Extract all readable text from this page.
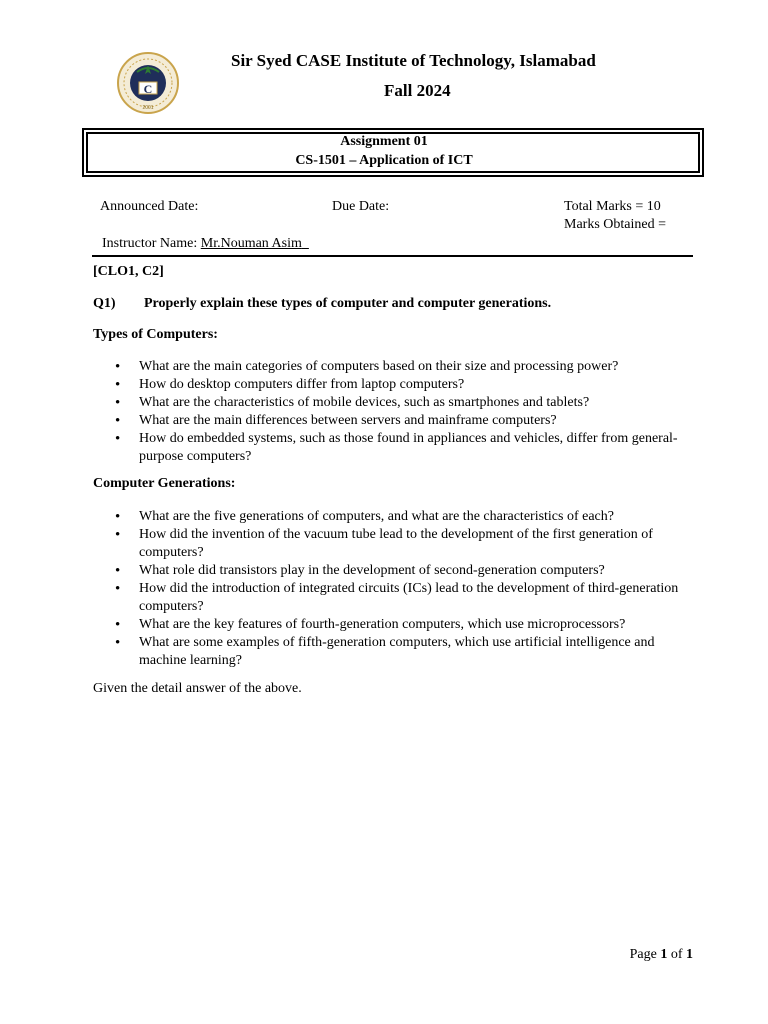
C
2001
Sir Syed CASE Institute of Technology, Islamabad
Fall 2024
Assignment 01
CS-1501 – Application of ICT
Announced Date:	Due Date:	Total Marks = 10
Marks Obtained =
Instructor Name: Mr.Nouman Asim
[CLO1, C2]
Q1) Properly explain these types of computer and computer generations.
Types of Computers:
• What are the main categories of computers based on their size and processing power?
• How do desktop computers differ from laptop computers?
• What are the characteristics of mobile devices, such as smartphones and tablets?
• What are the main differences between servers and mainframe computers?
• How do embedded systems, such as those found in appliances and vehicles, differ from general-purpose computers?
Computer Generations:
• What are the five generations of computers, and what are the characteristics of each?
• How did the invention of the vacuum tube lead to the development of the first generation of computers?
• What role did transistors play in the development of second-generation computers?
• How did the introduction of integrated circuits (ICs) lead to the development of third-generation computers?
• What are the key features of fourth-generation computers, which use microprocessors?
• What are some examples of fifth-generation computers, which use artificial intelligence and machine learning?
Given the detail answer of the above.
Page 1 of 1
